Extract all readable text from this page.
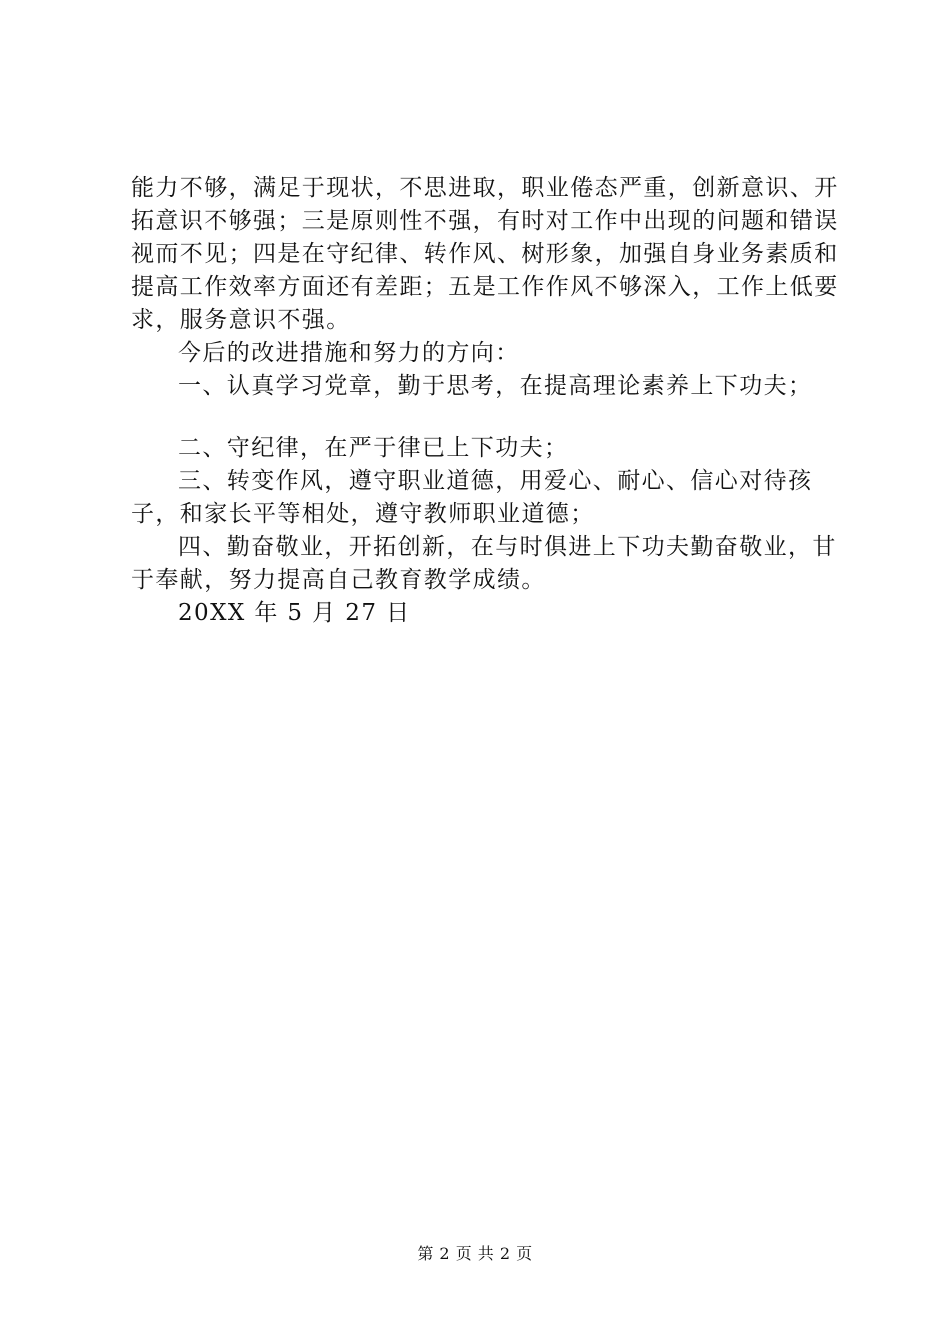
能力不够，满足于现状，不思进取，职业倦态严重，创新意识、开拓意识不够强；三是原则性不强，有时对工作中出现的问题和错误视而不见；四是在守纪律、转作风、树形象，加强自身业务素质和提高工作效率方面还有差距；五是工作作风不够深入，工作上低要求，服务意识不强。

今后的改进措施和努力的方向：

一、认真学习党章，勤于思考，在提高理论素养上下功夫；

二、守纪律，在严于律已上下功夫；

三、转变作风，遵守职业道德，用爱心、耐心、信心对待孩子，和家长平等相处，遵守教师职业道德；

四、勤奋敬业，开拓创新，在与时俱进上下功夫勤奋敬业，甘于奉献，努力提高自己教育教学成绩。

20XX 年 5 月 27 日

第 2 页 共 2 页
